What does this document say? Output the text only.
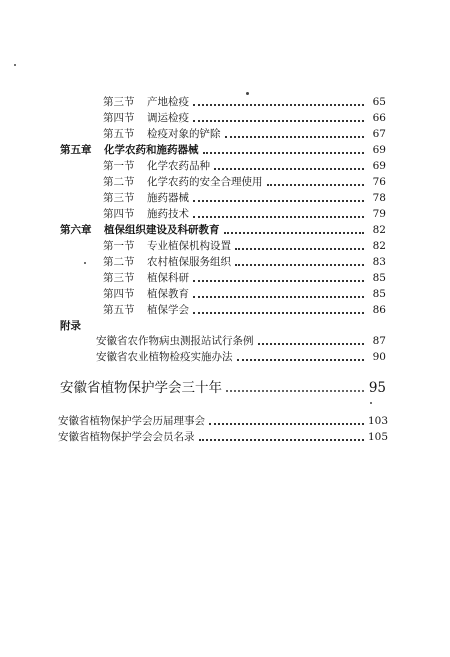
第三节	产地检疫	65
第四节	调运检疫	66
第五节	检疫对象的铲除	67
第五章	化学农药和施药器械	69
第一节	化学农药品种	69
第二节	化学农药的安全合理使用	76
第三节	施药器械	78
第四节	施药技术	79
第六章	植保组织建设及科研教育	82
第一节	专业植保机构设置	82
第二节	农村植保服务组织	83
第三节	植保科研	85
第四节	植保教育	85
第五节	植保学会	86
附录
安徽省农作物病虫测报站试行条例	87
安徽省农业植物检疫实施办法	90
安徽省植物保护学会三十年	95
安徽省植物保护学会历届理事会	103
安徽省植物保护学会会员名录	105
